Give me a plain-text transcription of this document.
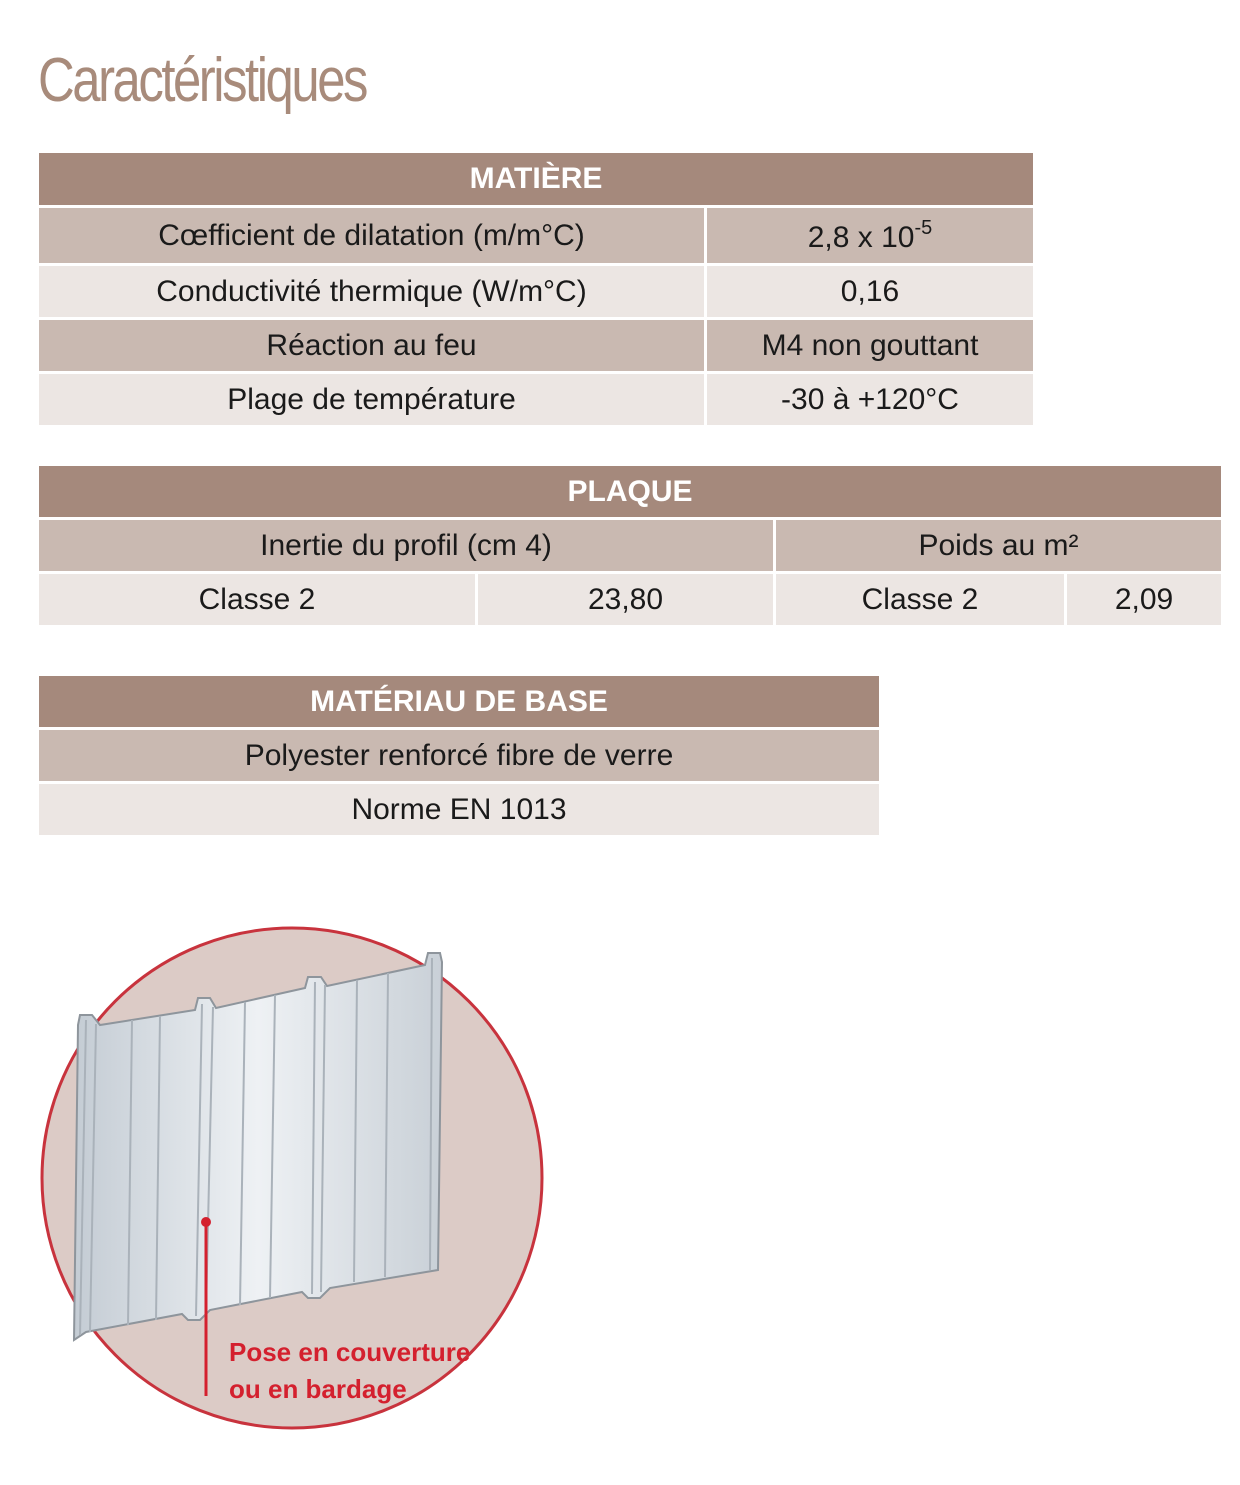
Caractéristiques
MATIÈRE	
Cœfficient de dilatation (m/m°C)	2,8 x $10^{-5}$
Conductivité thermique (W/m°C)	0,16
Réaction au feu	M4 non gouttant
Plage de température	-30 à +120°C
PLAQUE			
Inertie du profil (cm 4)		Poids au m²	
Classe 2	23,80	Classe 2	2,09
MATÉRIAU DE BASE
Polyester renforcé fibre de verre
Norme EN 1013
Pose en couverture
ou en bardage
